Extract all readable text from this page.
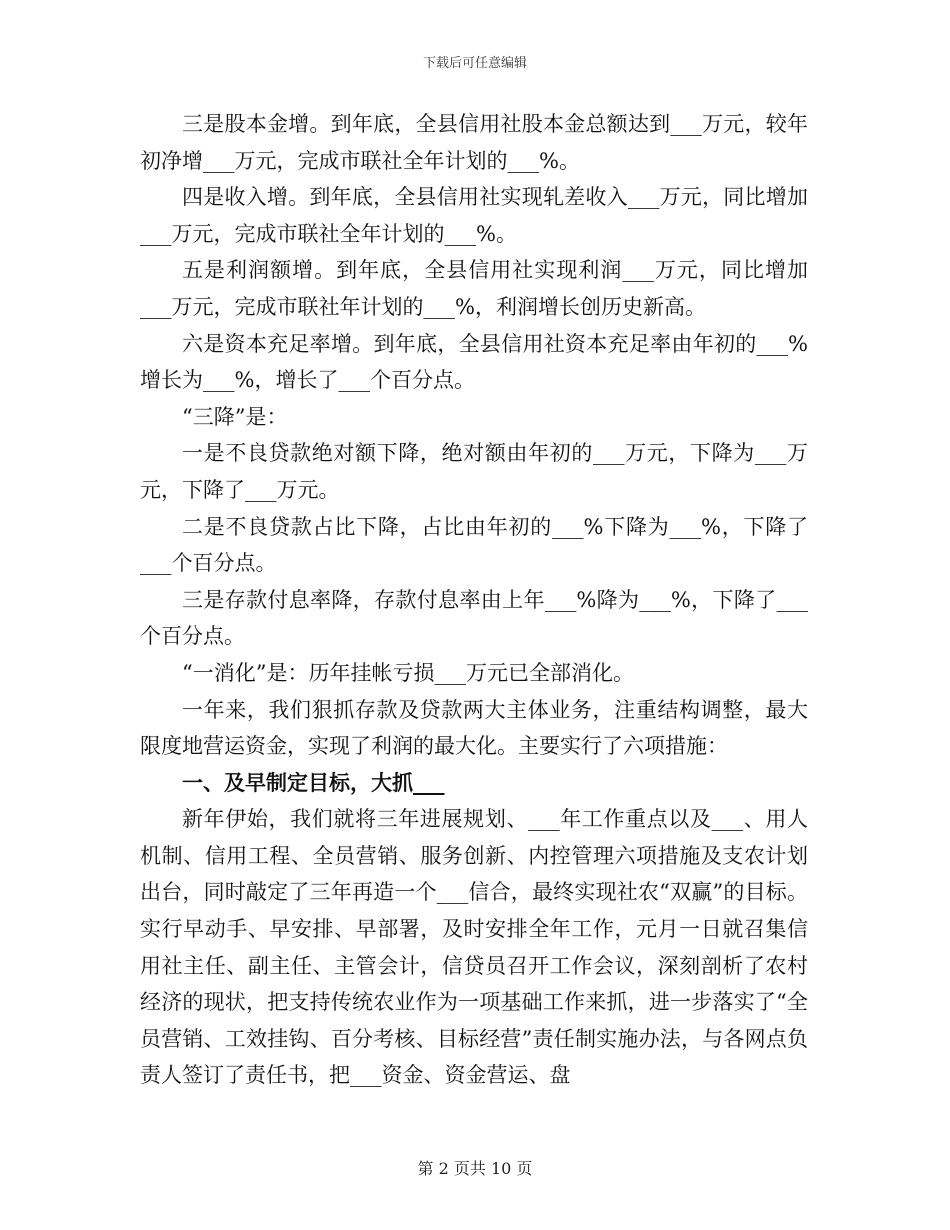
下载后可任意编辑

三是股本金增。到年底，全县信用社股本金总额达到___万元，较年初净增___万元，完成市联社全年计划的___%。

四是收入增。到年底，全县信用社实现轧差收入___万元，同比增加___万元，完成市联社全年计划的___%。

五是利润额增。到年底，全县信用社实现利润___万元，同比增加___万元，完成市联社年计划的___%，利润增长创历史新高。

六是资本充足率增。到年底，全县信用社资本充足率由年初的___%增长为___%，增长了___个百分点。

“三降”是：

一是不良贷款绝对额下降，绝对额由年初的___万元，下降为___万元，下降了___万元。

二是不良贷款占比下降，占比由年初的___%下降为___%，下降了___个百分点。

三是存款付息率降，存款付息率由上年___%降为___%，下降了___个百分点。

“一消化”是：历年挂帐亏损___万元已全部消化。

一年来，我们狠抓存款及贷款两大主体业务，注重结构调整，最大限度地营运资金，实现了利润的最大化。主要实行了六项措施：

一、及早制定目标，大抓___

新年伊始，我们就将三年进展规划、___年工作重点以及___、用人机制、信用工程、全员营销、服务创新、内控管理六项措施及支农计划出台，同时敲定了三年再造一个___信合，最终实现社农“双赢”的目标。实行早动手、早安排、早部署，及时安排全年工作，元月一日就召集信用社主任、副主任、主管会计，信贷员召开工作会议，深刻剖析了农村经济的现状，把支持传统农业作为一项基础工作来抓，进一步落实了“全员营销、工效挂钩、百分考核、目标经营”责任制实施办法，与各网点负责人签订了责任书，把___资金、资金营运、盘

第 2 页共 10 页
